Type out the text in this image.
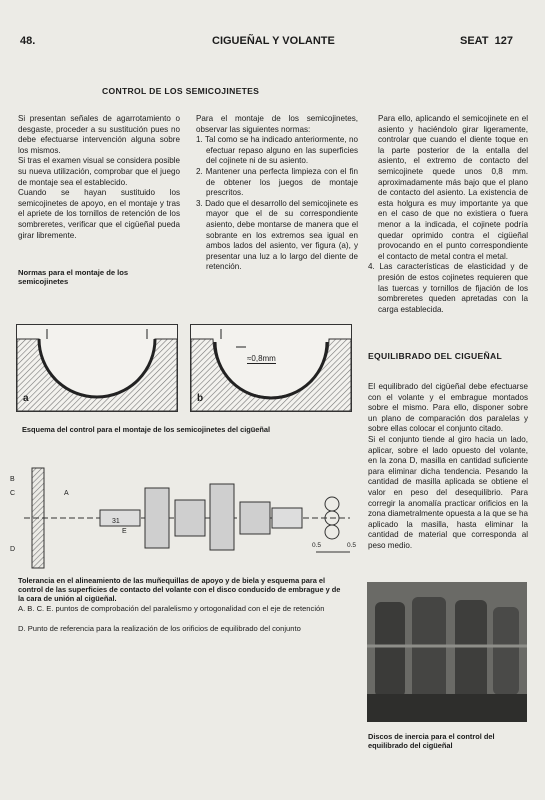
48.	CIGUEÑAL Y VOLANTE	SEAT  127
CONTROL DE LOS SEMICOJINETES

Si presentan señales de agarrotamiento o desgaste, proceder a su sustitución pues no debe efectuarse intervención alguna sobre los mismos.

Si tras el examen visual se considera posible su nueva utilización, comprobar que el juego de montaje sea el establecido.

Cuando se hayan sustituido los semicojinetes de apoyo, en el montaje y tras el apriete de los tornillos de retención de los sombreretes, verificar que el cigüeñal pueda girar libremente.

Normas para el montaje de los semicojinetes

Para el montaje de los semicojinetes, observar las siguientes normas:

1. Tal como se ha indicado anteriormente, no efectuar repaso alguno en las superficies del cojinete ni de su asiento.

2. Mantener una perfecta limpieza con el fin de obtener los juegos de montaje prescritos.

3. Dado que el desarrollo del semicojinete es mayor que el de su correspondiente asiento, debe montarse de manera que el sobrante en los extremos sea igual en ambos lados del asiento, ver figura (a), y presentar una luz a lo largo del diente de retención.

Para ello, aplicando el semicojinete en el asiento y haciéndolo girar ligeramente, controlar que cuando el diente toque en la parte posterior de la entalla del asiento, el extremo de contacto del semicojinete quede unos 0,8 mm. aproximadamente más bajo que el plano de contacto del asiento. La existencia de esta holgura es muy importante ya que en el caso de que no existiera o fuera menor a la indicada, el cojinete podría quedar oprimido contra el cigüeñal provocando en el punto correspondiente el contacto de metal contra el metal.

4. Las características de elasticidad y de presión de estos cojinetes requieren que las tuercas y tornillos de fijación de los sombreretes queden apretadas con la carga establecida.

a
≈0,8mm
b
Esquema del control para el montaje de los semicojinetes del cigüeñal
EQUILIBRADO DEL CIGUEÑAL

El equilibrado del cigüeñal debe efectuarse con el volante y el embrague montados sobre el mismo. Para ello, disponer sobre un plano de comparación dos paralelas y sobre ellas colocar el conjunto citado.

Si el conjunto tiende al giro hacia un lado, aplicar, sobre el lado opuesto del volante, en la zona D, masilla en cantidad suficiente para eliminar dicha tendencia. Pesando la cantidad de masilla aplicada se obtiene el valor en peso del desequilibrio. Para corregir la anomalía practicar orificios en la zona diametralmente opuesta a la que se ha aplicado la masilla, hasta eliminar la cantidad de material que corresponda al peso medio.

B
C	A
D
E
31
0.5	0.5
Tolerancia en el alineamiento de las muñequillas de apoyo y de biela y esquema para el control de las superficies de contacto del volante con el disco conducido de embrague y de la cara de unión al cigüeñal.
A. B. C. E. puntos de comprobación del paralelismo y ortogonalidad con el eje de retención
D. Punto de referencia para la realización de los orificios de equilibrado del conjunto
Discos de inercia para el control del equilibrado del cigüeñal
